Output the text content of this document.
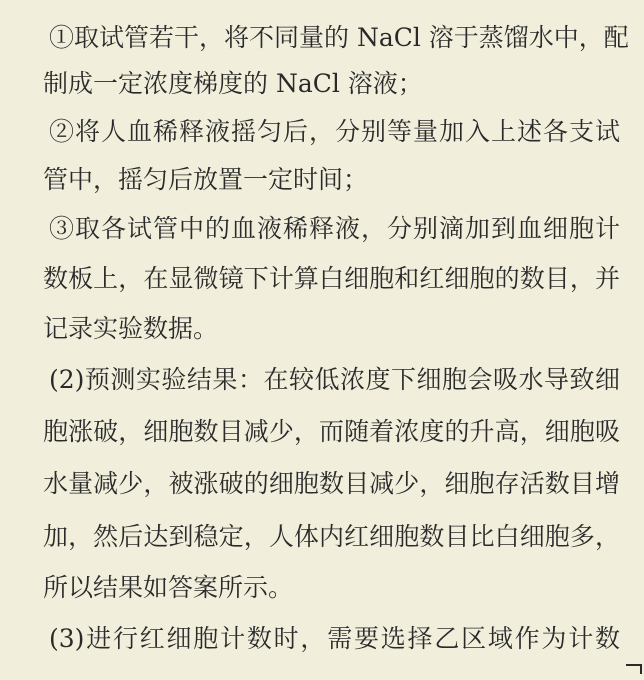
①取试管若干，将不同量的 NaCl 溶于蒸馏水中，配
制成一定浓度梯度的 NaCl 溶液；
②将人血稀释液摇匀后，分别等量加入上述各支试
管中，摇匀后放置一定时间；
③取各试管中的血液稀释液，分别滴加到血细胞计
数板上，在显微镜下计算白细胞和红细胞的数目，并
记录实验数据。
(2)预测实验结果：在较低浓度下细胞会吸水导致细
胞涨破，细胞数目减少，而随着浓度的升高，细胞吸
水量减少，被涨破的细胞数目减少，细胞存活数目增
加，然后达到稳定，人体内红细胞数目比白细胞多，
所以结果如答案所示。
(3)进行红细胞计数时，需要选择乙区域作为计数
